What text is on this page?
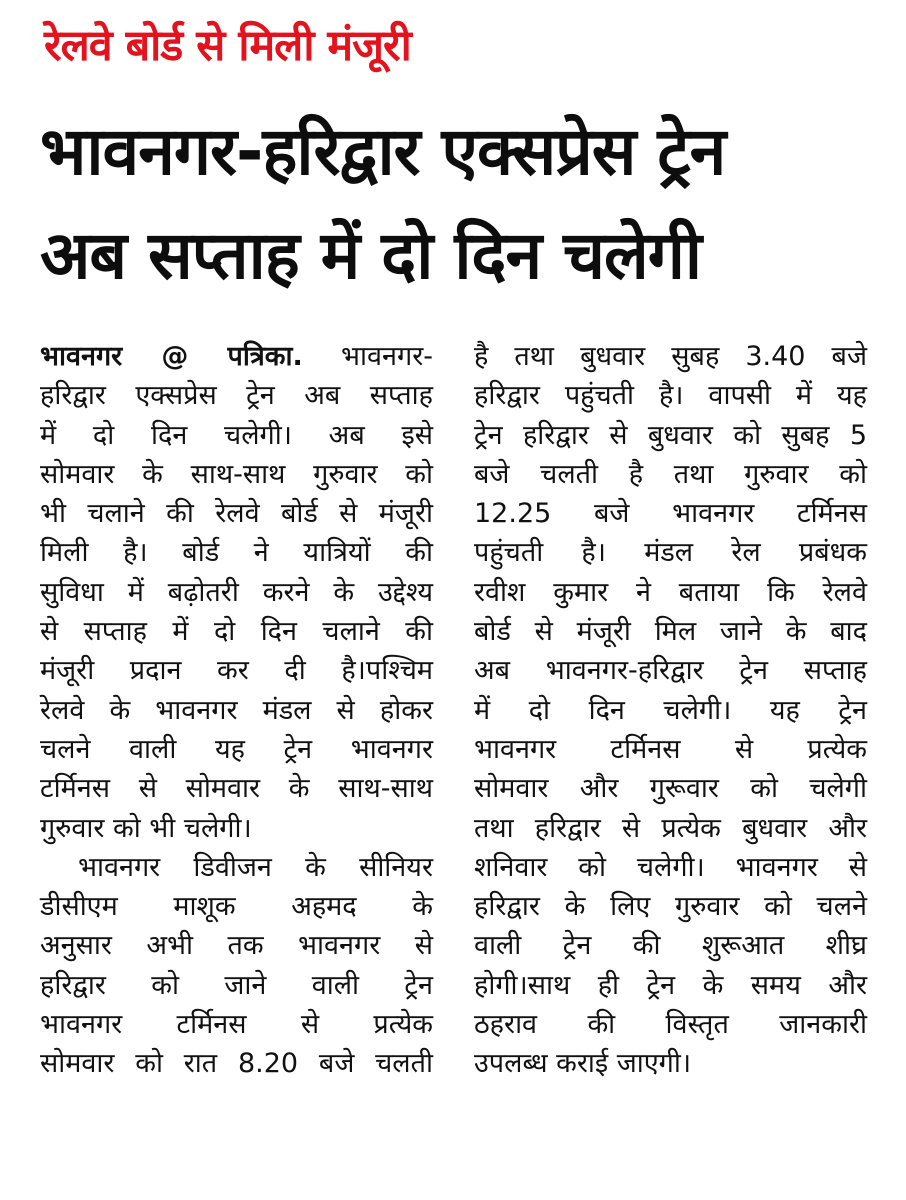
रेलवे बोर्ड से मिली मंजूरी
भावनगर-हरिद्वार एक्सप्रेस ट्रेन
अब सप्ताह में दो दिन चलेगी
भावनगर @ पत्रिका. भावनगर-
हरिद्वार एक्सप्रेस ट्रेन अब सप्ताह
में दो दिन चलेगी। अब इसे
सोमवार के साथ-साथ गुरुवार को
भी चलाने की रेलवे बोर्ड से मंजूरी
मिली है। बोर्ड ने यात्रियों की
सुविधा में बढ़ोतरी करने के उद्देश्य
से सप्ताह में दो दिन चलाने की
मंजूरी प्रदान कर दी है।पश्चिम
रेलवे के भावनगर मंडल से होकर
चलने वाली यह ट्रेन भावनगर
टर्मिनस से सोमवार के साथ-साथ
गुरुवार को भी चलेगी।
भावनगर डिवीजन के सीनियर
डीसीएम माशूक अहमद के
अनुसार अभी तक भावनगर से
हरिद्वार को जाने वाली ट्रेन
भावनगर टर्मिनस से प्रत्येक
सोमवार को रात 8.20 बजे चलती
है तथा बुधवार सुबह 3.40 बजे
हरिद्वार पहुंचती है। वापसी में यह
ट्रेन हरिद्वार से बुधवार को सुबह 5
बजे चलती है तथा गुरुवार को
12.25 बजे भावनगर टर्मिनस
पहुंचती है। मंडल रेल प्रबंधक
रवीश कुमार ने बताया कि रेलवे
बोर्ड से मंजूरी मिल जाने के बाद
अब भावनगर-हरिद्वार ट्रेन सप्ताह
में दो दिन चलेगी। यह ट्रेन
भावनगर टर्मिनस से प्रत्येक
सोमवार और गुरूवार को चलेगी
तथा हरिद्वार से प्रत्येक बुधवार और
शनिवार को चलेगी। भावनगर से
हरिद्वार के लिए गुरुवार को चलने
वाली ट्रेन की शुरूआत शीघ्र
होगी।साथ ही ट्रेन के समय और
ठहराव की विस्तृत जानकारी
उपलब्ध कराई जाएगी।
